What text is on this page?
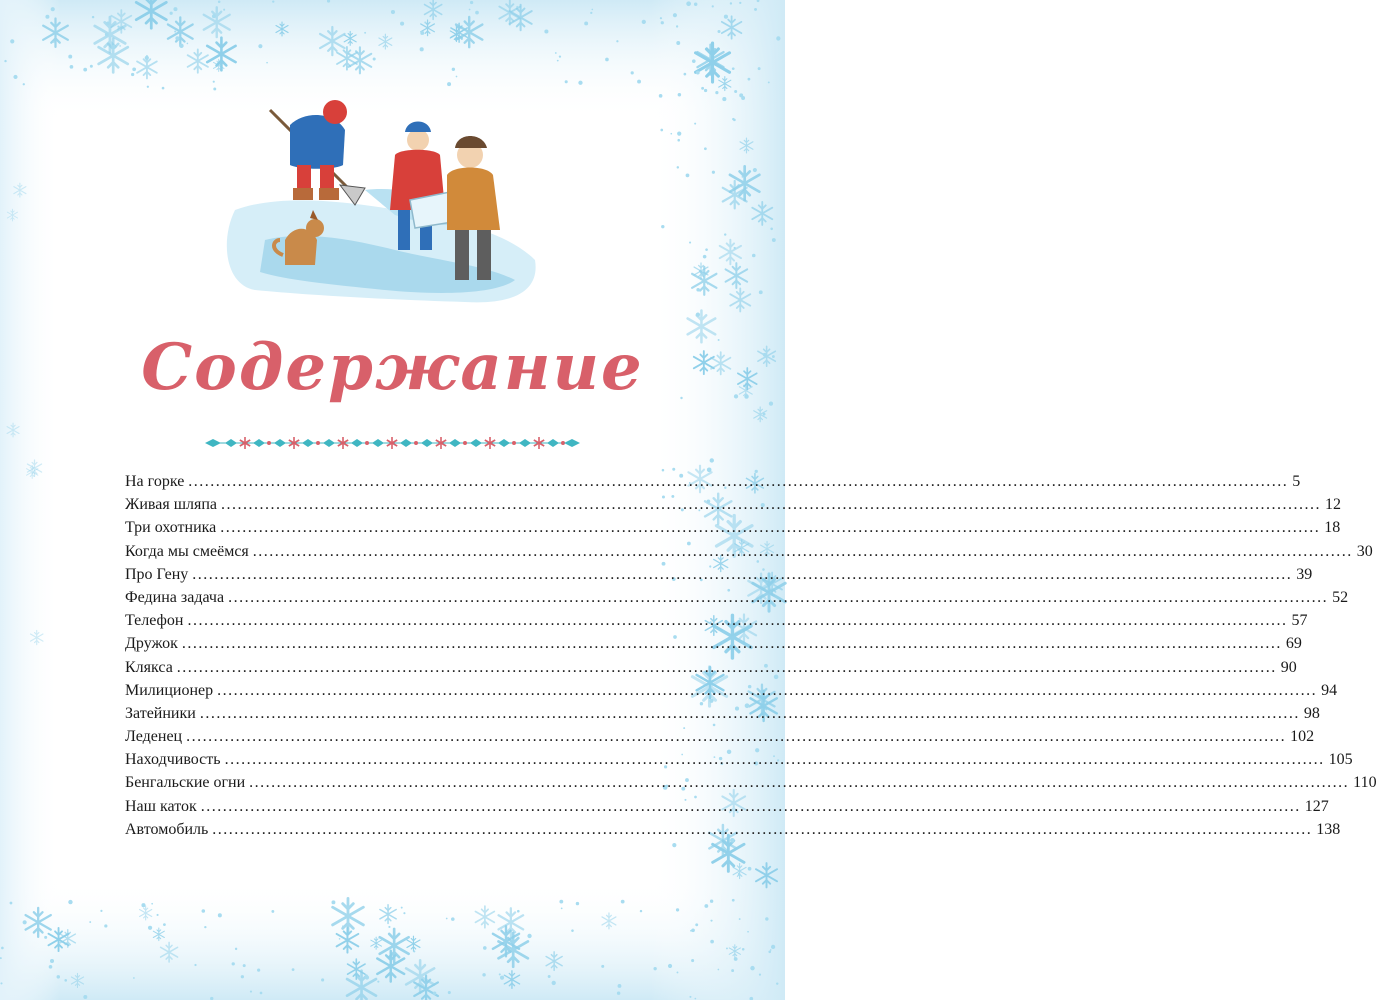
Содержание
На горке ........................................................................................................................................................................................................ 5
Живая шляпа ........................................................................................................................................................................................................ 12
Три охотника ........................................................................................................................................................................................................ 18
Когда мы смеёмся ........................................................................................................................................................................................................ 30
Про Гену ........................................................................................................................................................................................................ 39
Федина задача ........................................................................................................................................................................................................ 52
Телефон ........................................................................................................................................................................................................ 57
Дружок ........................................................................................................................................................................................................ 69
Клякса ........................................................................................................................................................................................................ 90
Милиционер ........................................................................................................................................................................................................ 94
Затейники ........................................................................................................................................................................................................ 98
Леденец ........................................................................................................................................................................................................ 102
Находчивость ........................................................................................................................................................................................................ 105
Бенгальские огни ........................................................................................................................................................................................................ 110
Наш каток ........................................................................................................................................................................................................ 127
Автомобиль ........................................................................................................................................................................................................ 138
